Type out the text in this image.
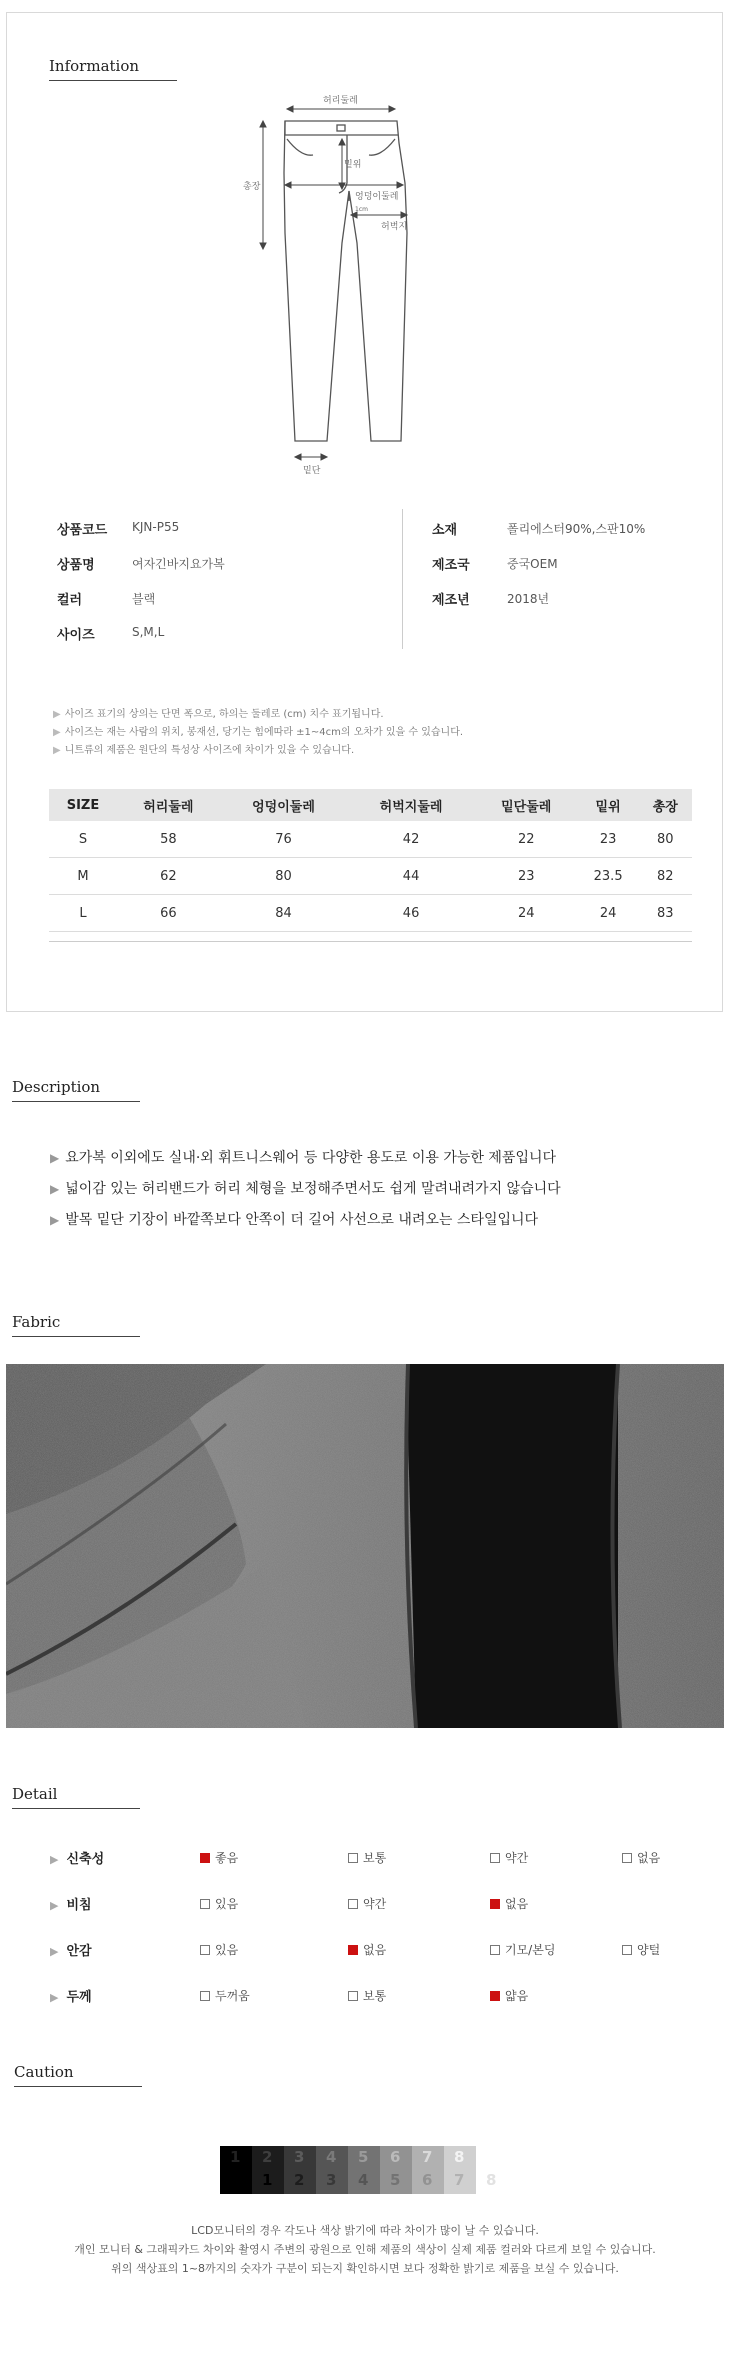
Information
허리둘레
밑위
총장
엉덩이둘레
허벅지
1cm
밑단
상품코드 KJN-P55
상품명	여자긴바지요가복
컬러	블랙
사이즈	S,M,L
소재	폴리에스터90%,스판10%
제조국	중국OEM
제조년	2018년
▶ 사이즈 표기의 상의는 단면 폭으로, 하의는 둘레로 (cm) 치수 표기됩니다.
▶ 사이즈는 재는 사람의 위치, 봉재선, 당기는 힘에따라 ±1~4cm의 오차가 있을 수 있습니다.
▶ 니트류의 제품은 원단의 특성상 사이즈에 차이가 있을 수 있습니다.
SIZE	허리둘레	엉덩이둘레	허벅지둘레	밑단둘레	밑위	총장
S	58	76	42	22	23	80
M	62	80	44	23	23.5	82
L	66	84	46	24	24	83
Description
▶ 요가복 이외에도 실내·외 휘트니스웨어 등 다양한 용도로 이용 가능한 제품입니다
▶ 넓이감 있는 허리밴드가 허리 체형을 보정해주면서도 쉽게 말려내려가지 않습니다
▶ 발목 밑단 기장이 바깥쪽보다 안쪽이 더 길어 사선으로 내려오는 스타일입니다
Fabric
Detail
▶ 신축성	좋음	보통	약간	없음
▶ 비침	있음	약간	없음
▶ 안감	있음	없음	기모/본딩	양털
▶ 두께	두꺼움	보통	얇음
Caution
1 2
1
3
2
4
3
5
4
6
5
7
6
8
7 8
LCD모니터의 경우 각도나 색상 밝기에 따라 차이가 많이 날 수 있습니다.
개인 모니터 & 그래픽카드 차이와 촬영시 주변의 광원으로 인해 제품의 색상이 실제 제품 컬러와 다르게 보일 수 있습니다.
위의 색상표의 1~8까지의 숫자가 구분이 되는지 확인하시면 보다 정확한 밝기로 제품을 보실 수 있습니다.
